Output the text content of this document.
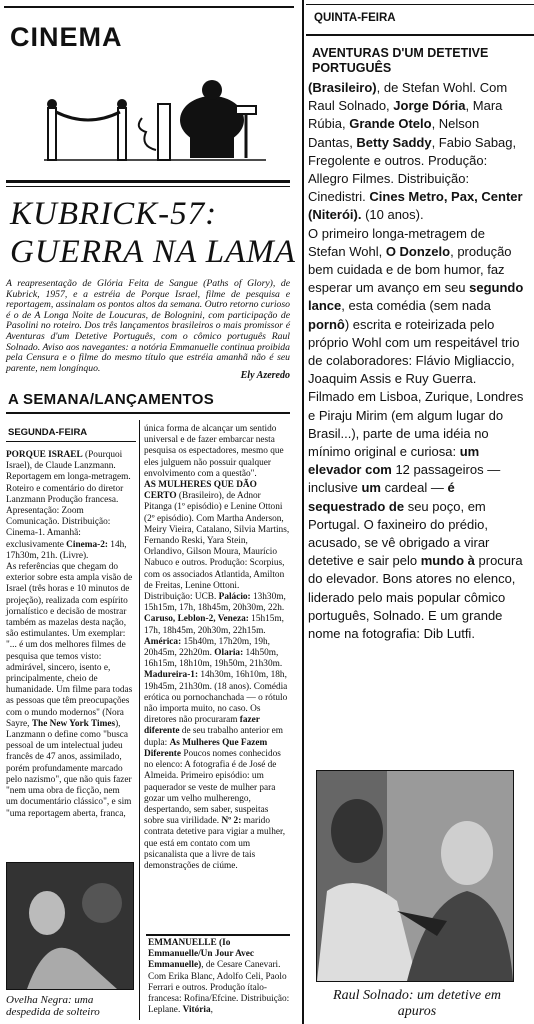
CINEMA
KUBRICK-57:
GUERRA NA LAMA
A reapresentação de Glória Feita de Sangue (Paths of Glory), de Kubrick, 1957, e a estréia de Porque Israel, filme de pesquisa e reportagem, assinalam os pontos altos da semana. Outro retorno curioso é o de A Longa Noite de Loucuras, de Bolognini, com participação de Pasolini no roteiro. Dos três lançamentos brasileiros o mais promissor é Aventuras d'um Detetive Português, com o cômico português Raul Solnado. Aviso aos navegantes: a notória Emmanuelle continua proibida pela Censura e o filme do mesmo título que estréia amanhã não é seu parente, nem longínquo.
Ely Azeredo
A SEMANA/LANÇAMENTOS
SEGUNDA-FEIRA
PORQUE ISRAEL (Pourquoi Israel), de Claude Lanzmann. Reportagem em longa-metragem. Roteiro e comentário do diretor Lanzmann Produção francesa. Apresentação: Zoom Comunicação. Distribuição: Cinema-1. Amanhã: exclusivamente Cinema-2: 14h, 17h30m, 21h. (Livre).
As referências que chegam do exterior sobre esta ampla visão de Israel (três horas e 10 minutos de projeção), realizada com espírito jornalístico e decisão de mostrar também as mazelas desta nação, são estimulantes. Um exemplar: "... é um dos melhores filmes de pesquisa que temos visto: admirável, sincero, isento e, principalmente, cheio de humanidade. Um filme para todas as pessoas que têm preocupações com o mundo modernos" (Nora Sayre, The New York Times), Lanzmann o define como "busca pessoal de um intelectual judeu francês de 47 anos, assimilado, porém profundamente marcado pelo nazismo", que não quis fazer "nem uma obra de ficção, nem um documentário clássico", e sim "uma reportagem aberta, franca,
única forma de alcançar um sentido universal e de fazer embarcar nesta pesquisa os espectadores, mesmo que eles julguem não possuir qualquer envolvimento com a questão".
AS MULHERES QUE DÃO CERTO (Brasileiro), de Adnor Pitanga (1º episódio) e Lenine Ottoni (2º episódio). Com Martha Anderson, Meiry Vieira, Catalano, Silvia Martins, Fernando Reski, Yara Stein, Orlandivo, Gilson Moura, Maurício Nabuco e outros. Produção: Scorpius, com os associados Atlantida, Amilton de Freitas, Lenine Ottoni. Distribuição: UCB. Palácio: 13h30m, 15h15m, 17h, 18h45m, 20h30m, 22h. Caruso, Leblon-2, Veneza: 15h15m, 17h, 18h45m, 20h30m, 22h15m. América: 15h40m, 17h20m, 19h, 20h45m, 22h20m. Olaria: 14h50m, 16h15m, 18h10m, 19h50m, 21h30m. Madureira-1: 14h30m, 16h10m, 18h, 19h45m, 21h30m. (18 anos). Comédia erótica ou pornochanchada — o rótulo não importa muito, no caso. Os diretores não procuraram fazer diferente de seu trabalho anterior em dupla: As Mulheres Que Fazem Diferente Poucos nomes conhecidos no elenco: A fotografia é de José de Almeida. Primeiro episódio: um paquerador se veste de mulher para gozar um velho mulherengo, despertando, sem saber, suspeitas sobre sua virilidade. Nº 2: marido contrata detetive para vigiar a mulher, que está em contato com um psicanalista que a livre de tais demonstrações de ciúme.
Ovelha Negra: uma despedida de solteiro
EMMANUELLE (Io Emmanuelle/Un Jour Avec Emmanuelle), de Cesare Canevari. Com Erika Blanc, Adolfo Celi, Paolo Ferrari e outros. Produção ítalo-francesa: Rofina/Efcine. Distribuição: Leplane. Vitória,
QUINTA-FEIRA
AVENTURAS D'UM DETETIVE PORTUGUÊS
(Brasileiro), de Stefan Wohl. Com Raul Solnado, Jorge Dória, Mara Rúbia, Grande Otelo, Nelson Dantas, Betty Saddy, Fabio Sabag, Fregolente e outros. Produção: Allegro Filmes. Distribuição: Cinedistri. Cines Metro, Pax, Center (Niterói). (10 anos).
O primeiro longa-metragem de Stefan Wohl, O Donzelo, produção bem cuidada e de bom humor, faz esperar um avanço em seu segundo lance, esta comédia (sem nada pornô) escrita e roteirizada pelo próprio Wohl com um respeitável trio de colaboradores: Flávio Migliaccio, Joaquim Assis e Ruy Guerra. Filmado em Lisboa, Zurique, Londres e Piraju Mirim (em algum lugar do Brasil...), parte de uma idéia no mínimo original e curiosa: um elevador com 12 passageiros — inclusive um cardeal — é sequestrado de seu poço, em Portugal. O faxineiro do prédio, acusado, se vê obrigado a virar detetive e sair pelo mundo à procura do elevador. Bons atores no elenco, liderado pelo mais popular cômico português, Solnado. E um grande nome na fotografia: Dib Lutfi.
Raul Solnado: um detetive em apuros
